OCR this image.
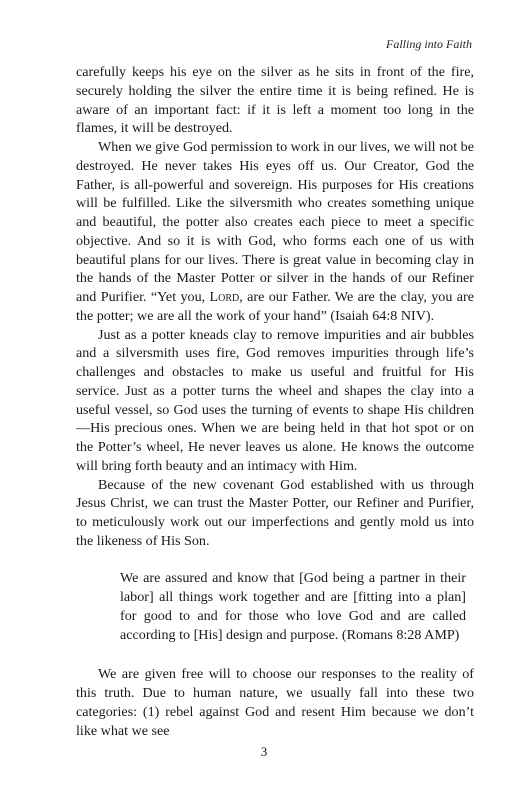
Falling into Faith

carefully keeps his eye on the silver as he sits in front of the fire, securely holding the silver the entire time it is being refined. He is aware of an important fact: if it is left a moment too long in the flames, it will be destroyed.

When we give God permission to work in our lives, we will not be destroyed. He never takes His eyes off us. Our Creator, God the Father, is all-powerful and sovereign. His purposes for His creations will be fulfilled. Like the silversmith who creates something unique and beautiful, the potter also creates each piece to meet a specific objective. And so it is with God, who forms each one of us with beautiful plans for our lives. There is great value in becoming clay in the hands of the Master Potter or silver in the hands of our Refiner and Purifier. “Yet you, Lord, are our Father. We are the clay, you are the potter; we are all the work of your hand” (Isaiah 64:8 NIV).

Just as a potter kneads clay to remove impurities and air bubbles and a silversmith uses fire, God removes impurities through life’s challenges and obstacles to make us useful and fruitful for His service. Just as a potter turns the wheel and shapes the clay into a useful vessel, so God uses the turning of events to shape His children—His precious ones. When we are being held in that hot spot or on the Potter’s wheel, He never leaves us alone. He knows the outcome will bring forth beauty and an intimacy with Him.

Because of the new covenant God established with us through Jesus Christ, we can trust the Master Potter, our Refiner and Purifier, to meticulously work out our imperfections and gently mold us into the likeness of His Son.

We are assured and know that [God being a partner in their labor] all things work together and are [fitting into a plan] for good to and for those who love God and are called according to [His] design and purpose. (Romans 8:28 AMP)

We are given free will to choose our responses to the reality of this truth. Due to human nature, we usually fall into these two categories: (1) rebel against God and resent Him because we don’t like what we see

3
